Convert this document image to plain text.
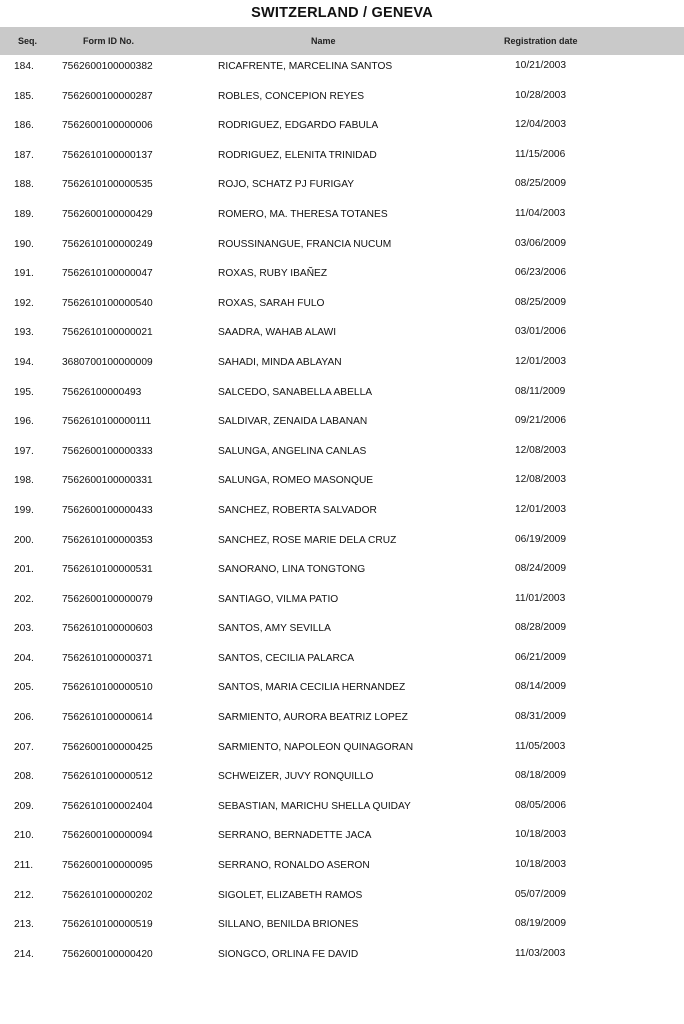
SWITZERLAND / GENEVA
Seq.	Form ID No.	Name	Registration date
184.	7562600100000382	RICAFRENTE, MARCELINA SANTOS	10/21/2003
185.	7562600100000287	ROBLES, CONCEPION REYES	10/28/2003
186.	7562600100000006	RODRIGUEZ, EDGARDO FABULA	12/04/2003
187.	7562610100000137	RODRIGUEZ, ELENITA TRINIDAD	11/15/2006
188.	7562610100000535	ROJO, SCHATZ PJ FURIGAY	08/25/2009
189.	7562600100000429	ROMERO, MA. THERESA TOTANES	11/04/2003
190.	7562610100000249	ROUSSINANGUE, FRANCIA NUCUM	03/06/2009
191.	7562610100000047	ROXAS, RUBY IBAÑEZ	06/23/2006
192.	7562610100000540	ROXAS, SARAH FULO	08/25/2009
193.	7562610100000021	SAADRA, WAHAB ALAWI	03/01/2006
194.	3680700100000009	SAHADI, MINDA ABLAYAN	12/01/2003
195.	75626100000493	SALCEDO, SANABELLA ABELLA	08/11/2009
196.	7562610100000111	SALDIVAR, ZENAIDA LABANAN	09/21/2006
197.	7562600100000333	SALUNGA, ANGELINA CANLAS	12/08/2003
198.	7562600100000331	SALUNGA, ROMEO MASONQUE	12/08/2003
199.	7562600100000433	SANCHEZ, ROBERTA SALVADOR	12/01/2003
200.	7562610100000353	SANCHEZ, ROSE MARIE DELA CRUZ	06/19/2009
201.	7562610100000531	SANORANO, LINA TONGTONG	08/24/2009
202.	7562600100000079	SANTIAGO, VILMA PATIO	11/01/2003
203.	7562610100000603	SANTOS, AMY SEVILLA	08/28/2009
204.	7562610100000371	SANTOS, CECILIA PALARCA	06/21/2009
205.	7562610100000510	SANTOS, MARIA CECILIA HERNANDEZ	08/14/2009
206.	7562610100000614	SARMIENTO, AURORA BEATRIZ LOPEZ	08/31/2009
207.	7562600100000425	SARMIENTO, NAPOLEON QUINAGORAN	11/05/2003
208.	7562610100000512	SCHWEIZER, JUVY RONQUILLO	08/18/2009
209.	7562610100002404	SEBASTIAN, MARICHU SHELLA QUIDAY	08/05/2006
210.	7562600100000094	SERRANO, BERNADETTE JACA	10/18/2003
211.	7562600100000095	SERRANO, RONALDO ASERON	10/18/2003
212.	7562610100000202	SIGOLET, ELIZABETH RAMOS	05/07/2009
213.	7562610100000519	SILLANO, BENILDA BRIONES	08/19/2009
214.	7562600100000420	SIONGCO, ORLINA FE DAVID	11/03/2003
